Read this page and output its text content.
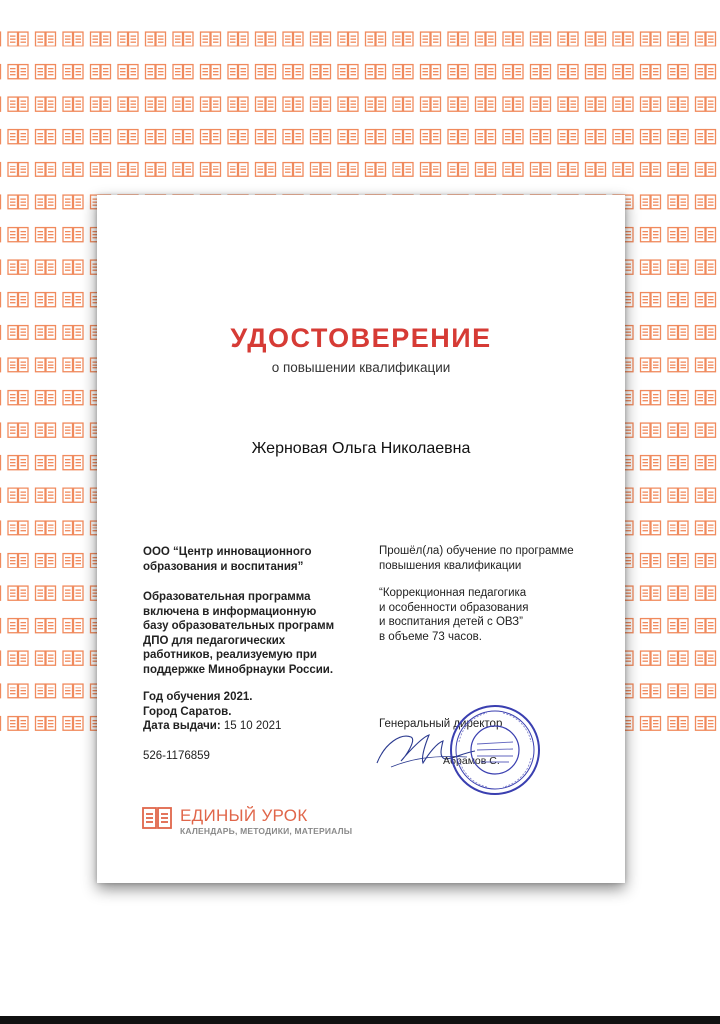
УДОСТОВЕРЕНИЕ
о повышении квалификации
Жерновая Ольга Николаевна
ООО “Центр инновационного
образования и воспитания”
Образовательная программа
включена в информационную
базу образовательных программ
ДПО для педагогических
работников, реализуемую при
поддержке Минобрнауки России.
Год обучения 2021.
Город Саратов.
Дата выдачи: 15 10 2021
526-1176859
Прошёл(ла) обучение по программе
повышения квалификации
“Коррекционная педагогика
и особенности образования
и воспитания детей с ОВЗ”
в объеме 73 часов.
Генеральный директор
Абрамов С.
ЕДИНЫЙ УРОК
КАЛЕНДАРЬ, МЕТОДИКИ, МАТЕРИАЛЫ
